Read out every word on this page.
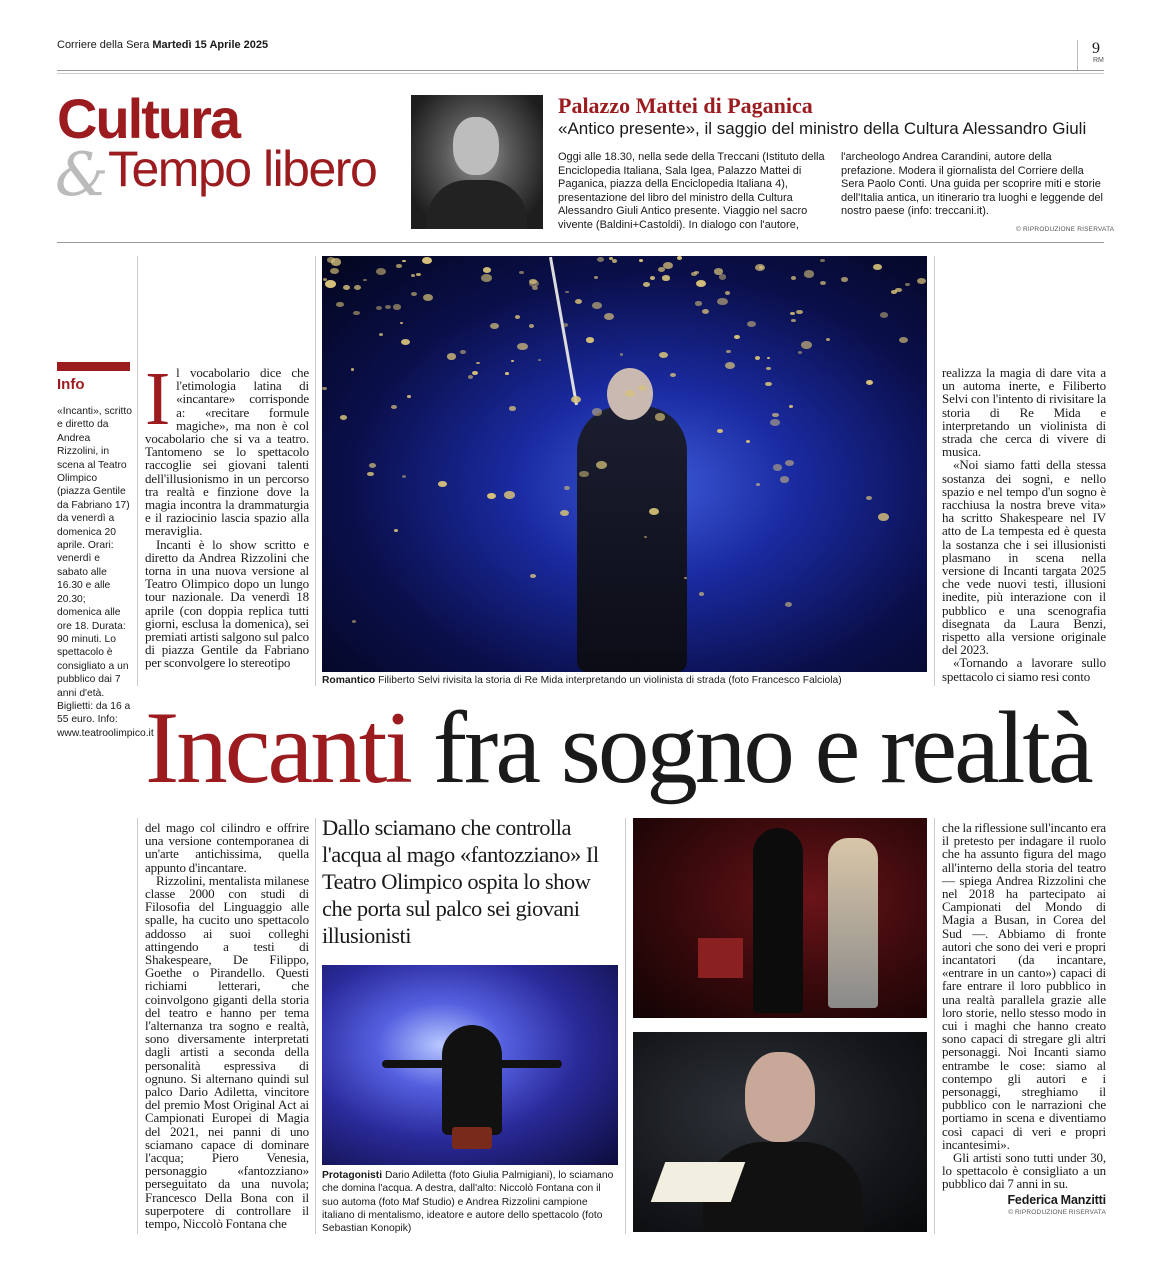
Corriere della Sera Martedì 15 Aprile 2025	9
RM
Cultura
& Tempo libero
Palazzo Mattei di Paganica
«Antico presente», il saggio del ministro della Cultura Alessandro Giuli
Oggi alle 18.30, nella sede della Treccani (Istituto della Enciclopedia Italiana, Sala Igea, Palazzo Mattei di Paganica, piazza della Enciclopedia Italiana 4), presentazione del libro del ministro della Cultura Alessandro Giuli Antico presente. Viaggio nel sacro vivente (Baldini+Castoldi). In dialogo con l'autore,
l'archeologo Andrea Carandini, autore della prefazione. Modera il giornalista del Corriere della Sera Paolo Conti. Una guida per scoprire miti e storie dell'Italia antica, un itinerario tra luoghi e leggende del nostro paese (info: treccani.it).
© RIPRODUZIONE RISERVATA
Info
«Incanti», scritto e diretto da Andrea Rizzolini, in scena al Teatro Olimpico (piazza Gentile da Fabriano 17) da venerdì a domenica 20 aprile. Orari: venerdì e sabato alle 16.30 e alle 20.30; domenica alle ore 18. Durata: 90 minuti. Lo spettacolo è consigliato a un pubblico dai 7 anni d'età. Biglietti: da 16 a 55 euro. Info: www.teatroolimpico.it
I l vocabolario dice che l'etimologia latina di «incantare» corrisponde a: «recitare formule magiche», ma non è col vocabolario che si va a teatro. Tantomeno se lo spettacolo raccoglie sei giovani talenti dell'illusionismo in un percorso tra realtà e finzione dove la magia incontra la drammaturgia e il raziocinio lascia spazio alla meraviglia.

Incanti è lo show scritto e diretto da Andrea Rizzolini che torna in una nuova versione al Teatro Olimpico dopo un lungo tour nazionale. Da venerdì 18 aprile (con doppia replica tutti giorni, esclusa la domenica), sei premiati artisti salgono sul palco di piazza Gentile da Fabriano per sconvolgere lo stereotipo

Romantico Filiberto Selvi rivisita la storia di Re Mida interpretando un violinista di strada (foto Francesco Falciola)

realizza la magia di dare vita a un automa inerte, e Filiberto Selvi con l'intento di rivisitare la storia di Re Mida e interpretando un violinista di strada che cerca di vivere di musica.

«Noi siamo fatti della stessa sostanza dei sogni, e nello spazio e nel tempo d'un sogno è racchiusa la nostra breve vita» ha scritto Shakespeare nel IV atto de La tempesta ed è questa la sostanza che i sei illusionisti plasmano in scena nella versione di Incanti targata 2025 che vede nuovi testi, illusioni inedite, più interazione con il pubblico e una scenografia disegnata da Laura Benzi, rispetto alla versione originale del 2023.

«Tornando a lavorare sullo spettacolo ci siamo resi conto

Incanti fra sogno e realtà

del mago col cilindro e offrire una versione contemporanea di un'arte antichissima, quella appunto d'incantare.

Rizzolini, mentalista milanese classe 2000 con studi di Filosofia del Linguaggio alle spalle, ha cucito uno spettacolo addosso ai suoi colleghi attingendo a testi di Shakespeare, De Filippo, Goethe o Pirandello. Questi richiami letterari, che coinvolgono giganti della storia del teatro e hanno per tema l'alternanza tra sogno e realtà, sono diversamente interpretati dagli artisti a seconda della personalità espressiva di ognuno. Si alternano quindi sul palco Dario Adiletta, vincitore del premio Most Original Act ai Campionati Europei di Magia del 2021, nei panni di uno sciamano capace di dominare l'acqua; Piero Venesia, personaggio «fantozziano» perseguitato da una nuvola; Francesco Della Bona con il superpotere di controllare il tempo, Niccolò Fontana che

Dallo sciamano che controlla l'acqua al mago «fantozziano» Il Teatro Olimpico ospita lo show che porta sul palco sei giovani illusionisti
Protagonisti Dario Adiletta (foto Giulia Palmigiani), lo sciamano che domina l'acqua. A destra, dall'alto: Niccolò Fontana con il suo automa (foto Maf Studio) e Andrea Rizzolini campione italiano di mentalismo, ideatore e autore dello spettacolo (foto Sebastian Konopik)

che la riflessione sull'incanto era il pretesto per indagare il ruolo che ha assunto figura del mago all'interno della storia del teatro — spiega Andrea Rizzolini che nel 2018 ha partecipato ai Campionati del Mondo di Magia a Busan, in Corea del Sud —. Abbiamo di fronte autori che sono dei veri e propri incantatori (da incantare, «entrare in un canto») capaci di fare entrare il loro pubblico in una realtà parallela grazie alle loro storie, nello stesso modo in cui i maghi che hanno creato sono capaci di stregare gli altri personaggi. Noi Incanti siamo entrambe le cose: siamo al contempo gli autori e i personaggi, streghiamo il pubblico con le narrazioni che portiamo in scena e diventiamo così capaci di veri e propri incantesimi».

Gli artisti sono tutti under 30, lo spettacolo è consigliato a un pubblico dai 7 anni in su.

Federica Manzitti
© RIPRODUZIONE RISERVATA
